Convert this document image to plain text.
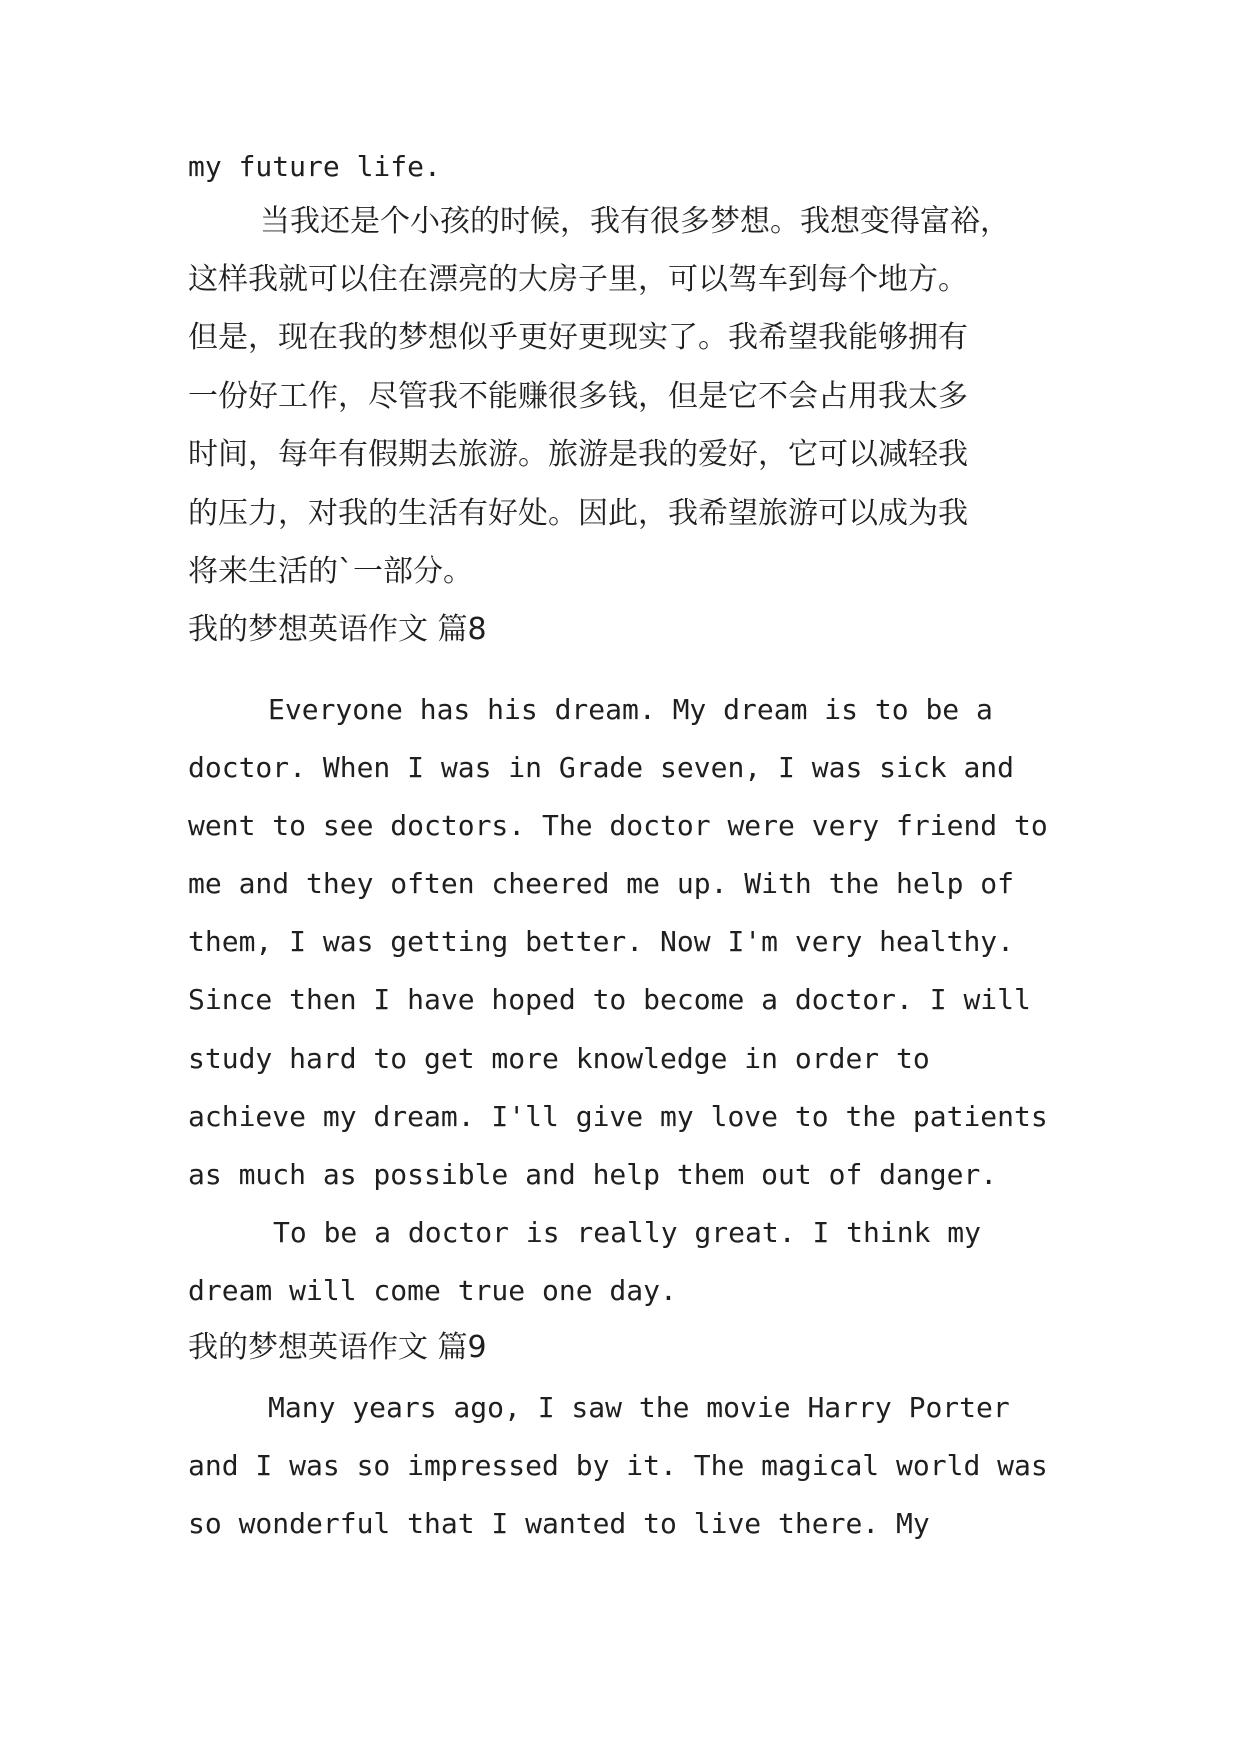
my future life.
当我还是个小孩的时候，我有很多梦想。我想变得富裕，
这样我就可以住在漂亮的大房子里，可以驾车到每个地方。
但是，现在我的梦想似乎更好更现实了。我希望我能够拥有
一份好工作，尽管我不能赚很多钱，但是它不会占用我太多
时间，每年有假期去旅游。旅游是我的爱好，它可以减轻我
的压力，对我的生活有好处。因此，我希望旅游可以成为我
将来生活的`一部分。
我的梦想英语作文 篇8
Everyone has his dream. My dream is to be a
doctor. When I was in Grade seven, I was sick and
went to see doctors. The doctor were very friend to
me and they often cheered me up. With the help of
them, I was getting better. Now I'm very healthy.
Since then I have hoped to become a doctor. I will
study hard to get more knowledge in order to
achieve my dream. I'll give my love to the patients
as much as possible and help them out of danger.
To be a doctor is really great. I think my
dream will come true one day.
我的梦想英语作文 篇9
Many years ago, I saw the movie Harry Porter
and I was so impressed by it. The magical world was
so wonderful that I wanted to live there. My
